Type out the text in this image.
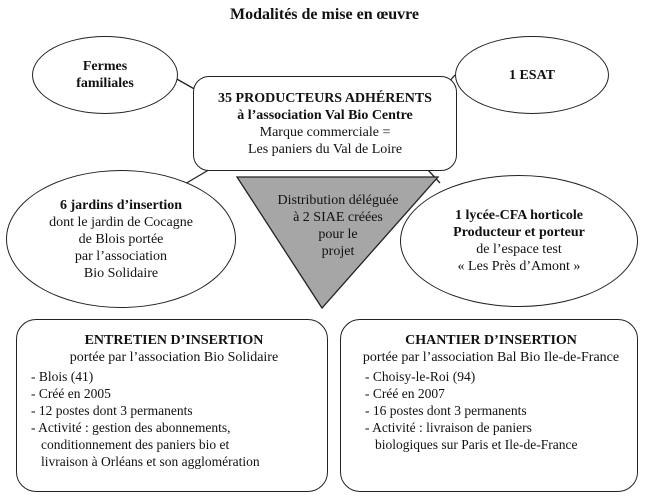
Modalités de mise en œuvre
Fermes
familiales
1 ESAT
35 PRODUCTEURS ADHÉRENTS
à l’association Val Bio Centre
Marque commerciale =
Les paniers du Val de Loire
6 jardins d’insertion
dont le jardin de Cocagne
de Blois portée
par l’association
Bio Solidaire
Distribution déléguée
à 2 SIAE créées
pour le
projet
1 lycée-CFA horticole
Producteur et porteur
de l’espace test
« Les Près d’Amont »
ENTRETIEN D’INSERTION
portée par l’association Bio Solidaire
- Blois (41)
- Créé en 2005
- 12 postes dont 3 permanents
- Activité : gestion des abonnements,
conditionnement des paniers bio et
livraison à Orléans et son agglomération
CHANTIER D’INSERTION
portée par l’association Bal Bio Ile-de-France
- Choisy-le-Roi (94)
- Créé en 2007
- 16 postes dont 3 permanents
- Activité : livraison de paniers
biologiques sur Paris et Ile-de-France
